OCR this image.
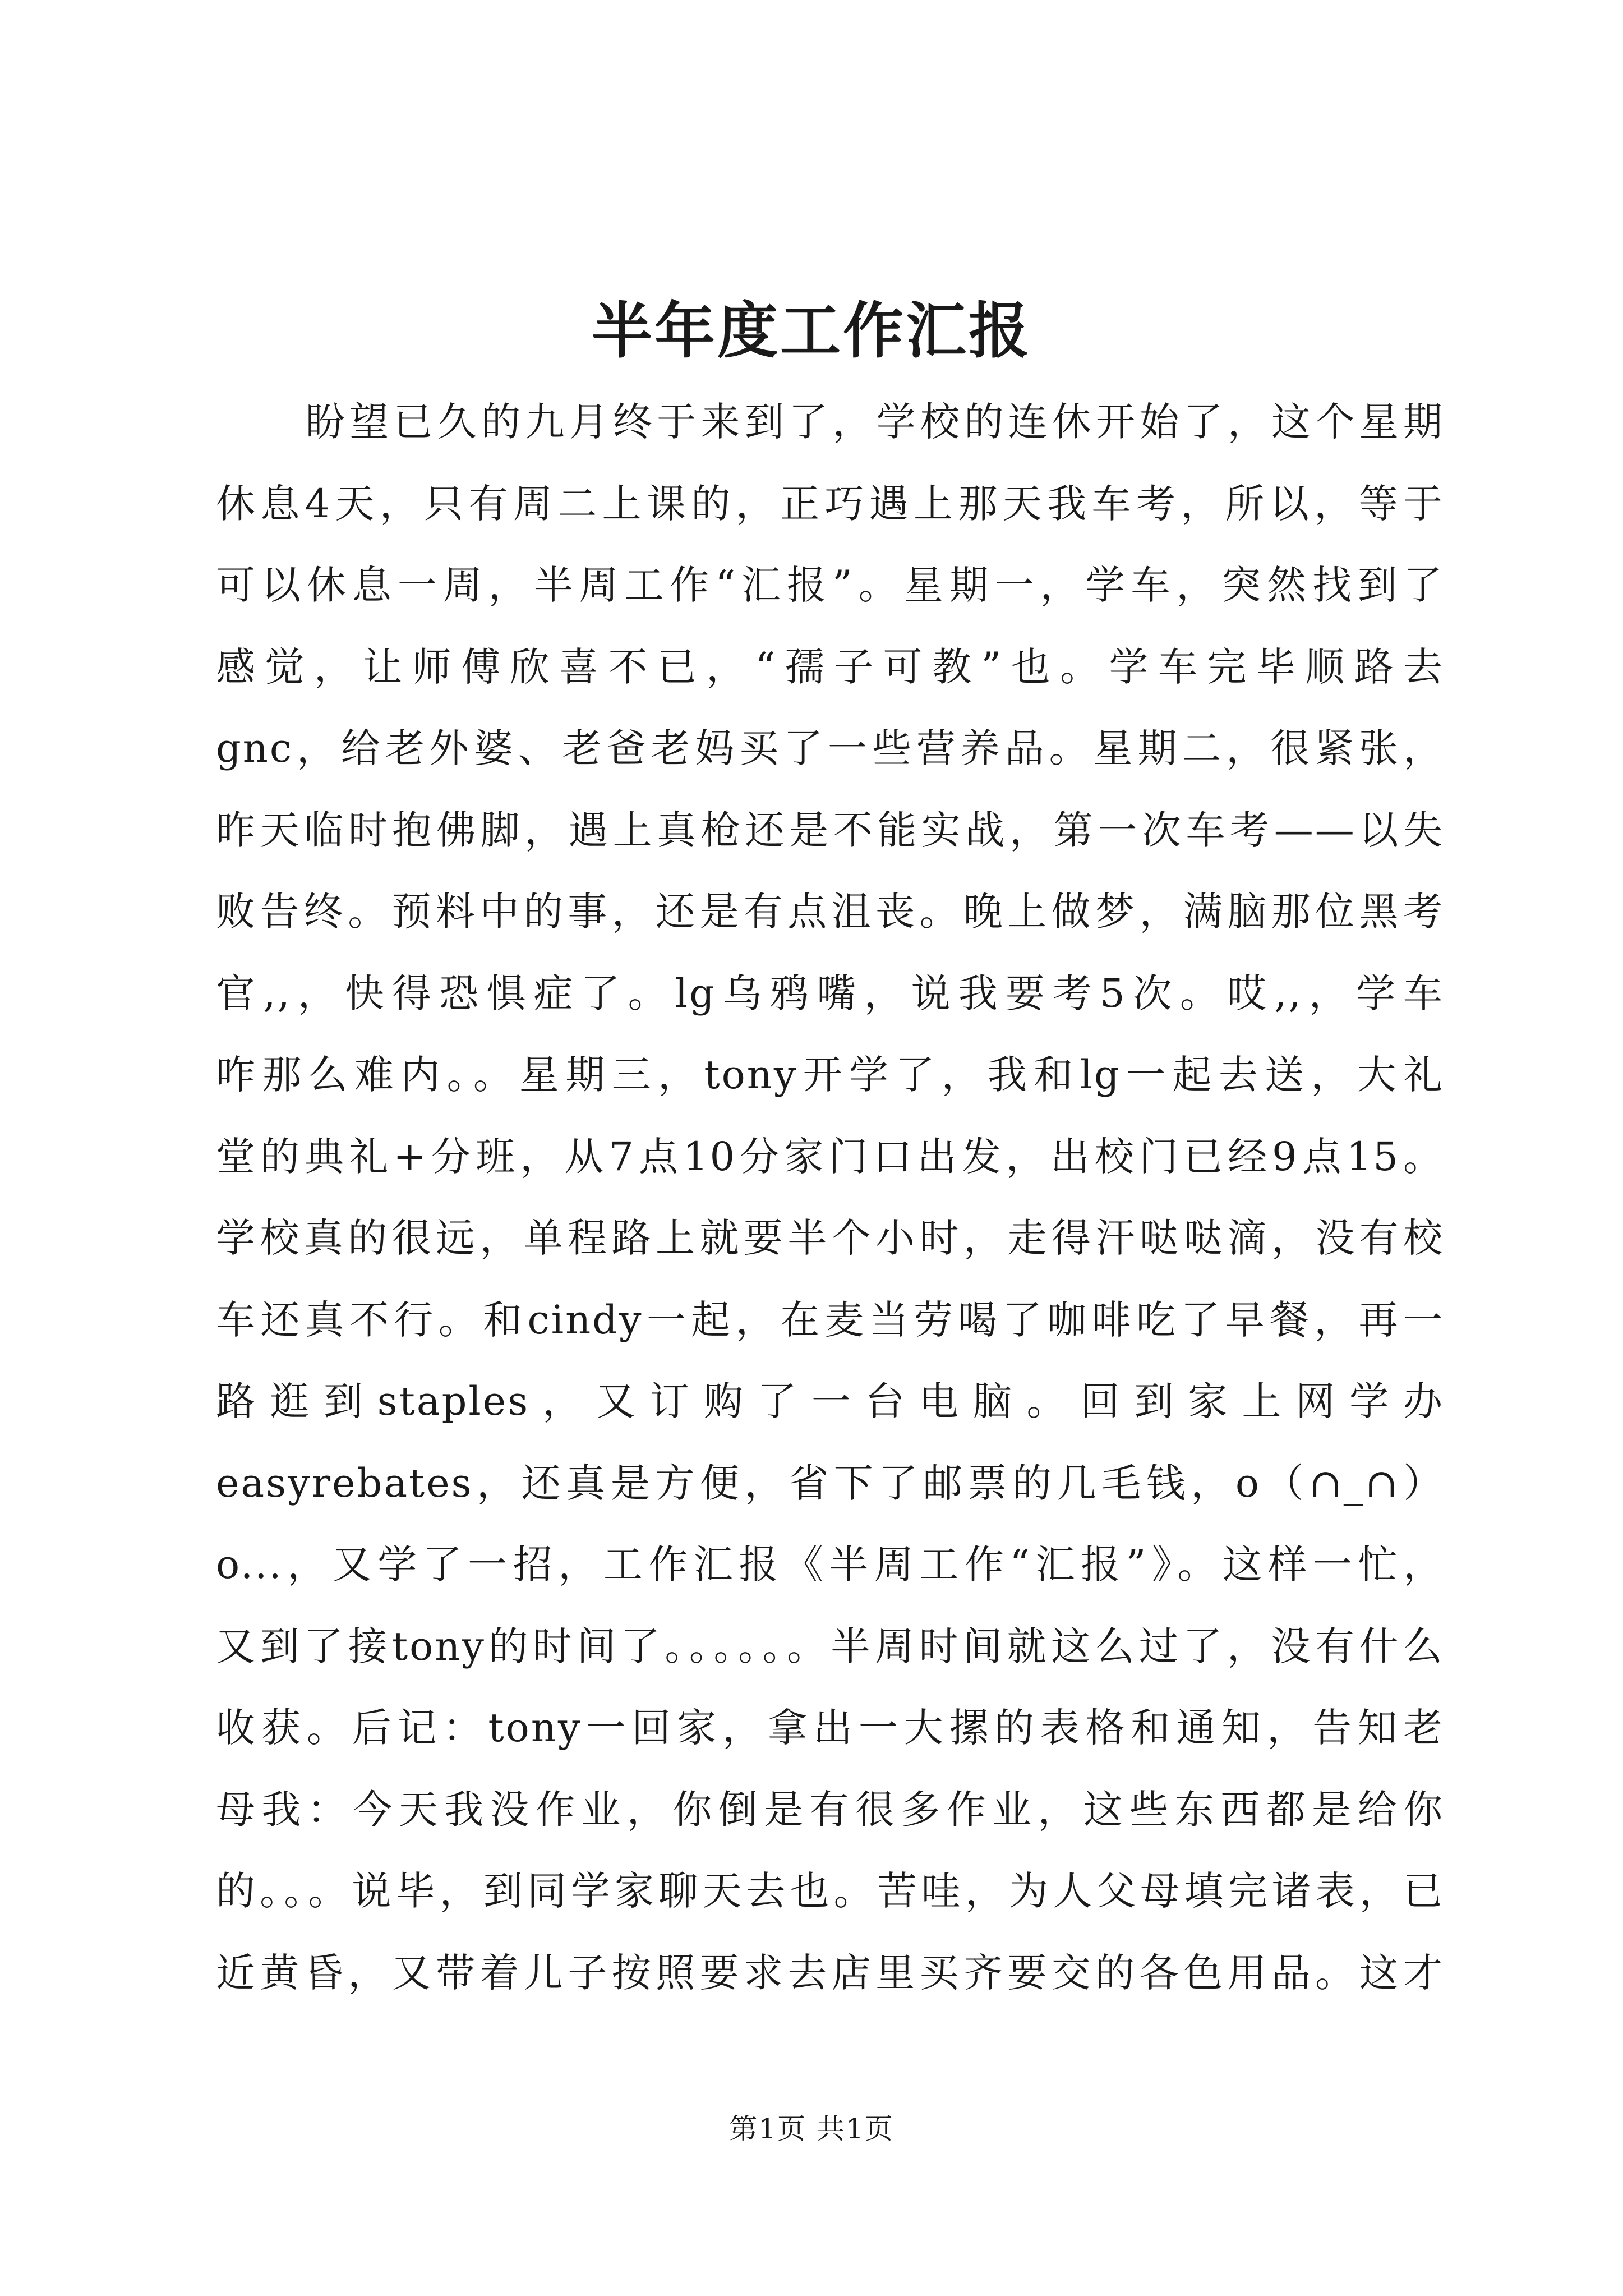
半年度工作汇报
盼望已久的九月终于来到了，学校的连休开始了，这个星期
休息4天，只有周二上课的，正巧遇上那天我车考，所以，等于
可以休息一周，半周工作“汇报”。星期一，学车，突然找到了
感觉，让师傅欣喜不已，“孺子可教”也。学车完毕顺路去
gnc，给老外婆、老爸老妈买了一些营养品。星期二，很紧张，
昨天临时抱佛脚，遇上真枪还是不能实战，第一次车考——以失
败告终。预料中的事，还是有点沮丧。晚上做梦，满脑那位黑考
官,,，快得恐惧症了。lg乌鸦嘴，说我要考5次。哎,,，学车
咋那么难内。。星期三，tony开学了，我和lg一起去送，大礼
堂的典礼+分班，从7点10分家门口出发，出校门已经9点15。
学校真的很远，单程路上就要半个小时，走得汗哒哒滴，没有校
车还真不行。和cindy一起，在麦当劳喝了咖啡吃了早餐，再一
路逛到staples，又订购了一台电脑。回到家上网学办
easyrebates，还真是方便，省下了邮票的几毛钱，o（∩_∩）
o...，又学了一招，工作汇报《半周工作“汇报”》。这样一忙，
又到了接tony的时间了。。。。。。半周时间就这么过了，没有什么
收获。后记：tony一回家，拿出一大摞的表格和通知，告知老
母我：今天我没作业，你倒是有很多作业，这些东西都是给你
的。。。说毕，到同学家聊天去也。苦哇，为人父母填完诸表，已
近黄昏，又带着儿子按照要求去店里买齐要交的各色用品。这才
第1页 共1页
